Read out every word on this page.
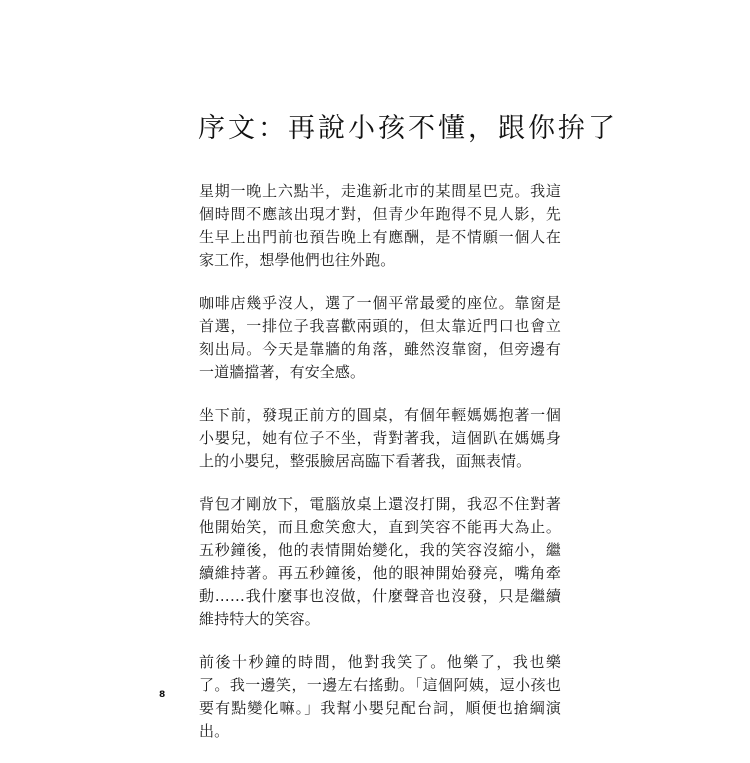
序文：再說小孩不懂，跟你拚了

星期一晚上六點半，走進新北市的某間星巴克。我這個時間不應該出現才對，但青少年跑得不見人影，先生早上出門前也預告晚上有應酬，是不情願一個人在家工作，想學他們也往外跑。

咖啡店幾乎沒人，選了一個平常最愛的座位。靠窗是首選，一排位子我喜歡兩頭的，但太靠近門口也會立刻出局。今天是靠牆的角落，雖然沒靠窗，但旁邊有一道牆擋著，有安全感。

坐下前，發現正前方的圓桌，有個年輕媽媽抱著一個小嬰兒，她有位子不坐，背對著我，這個趴在媽媽身上的小嬰兒，整張臉居高臨下看著我，面無表情。

背包才剛放下，電腦放桌上還沒打開，我忍不住對著他開始笑，而且愈笑愈大，直到笑容不能再大為止。五秒鐘後，他的表情開始變化，我的笑容沒縮小，繼續維持著。再五秒鐘後，他的眼神開始發亮，嘴角牽動……我什麼事也沒做，什麼聲音也沒發，只是繼續維持特大的笑容。

前後十秒鐘的時間，他對我笑了。他樂了，我也樂了。我一邊笑，一邊左右搖動。「這個阿姨，逗小孩也要有點變化嘛。」我幫小嬰兒配台詞，順便也搶綱演出。

8
